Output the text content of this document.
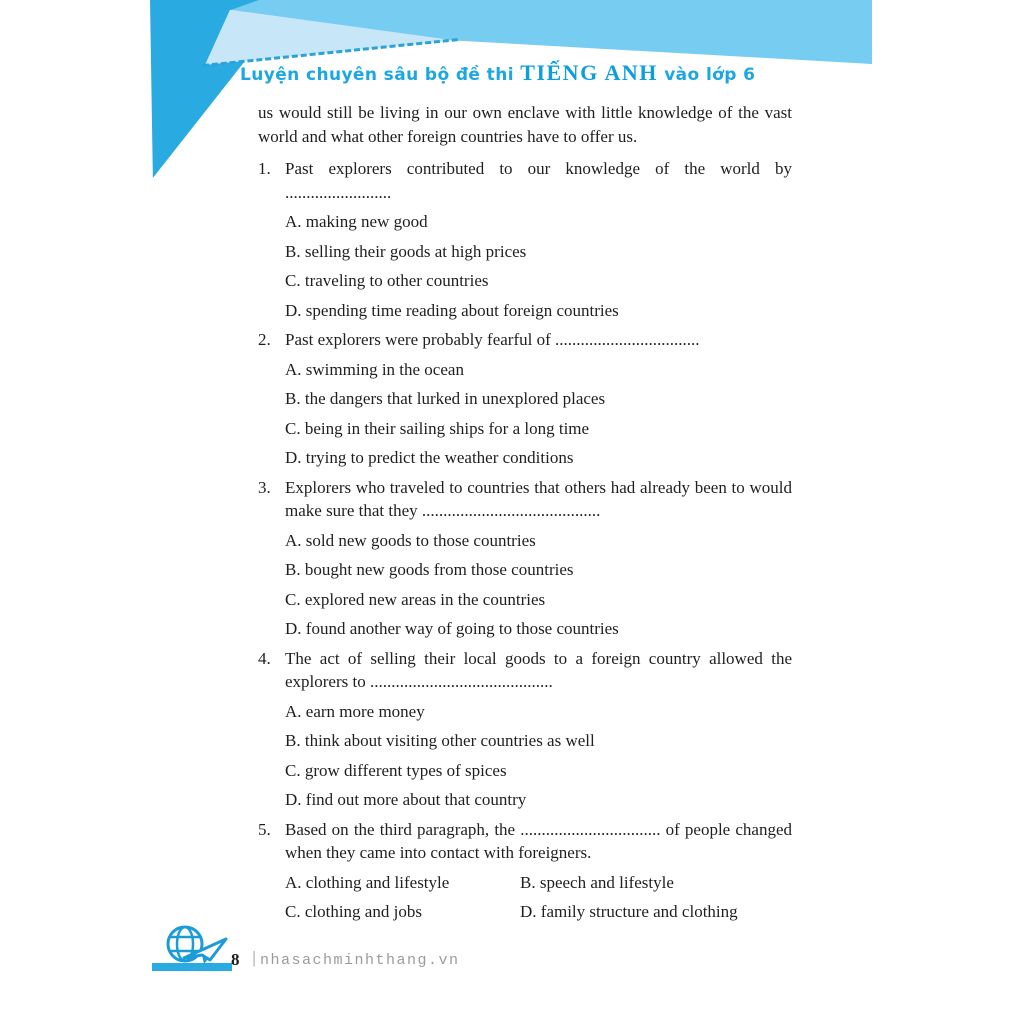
Luyện chuyên sâu bộ đề thi TIẾNG ANH vào lớp 6

us would still be living in our own enclave with little knowledge of the vast world and what other foreign countries have to offer us.

1. Past explorers contributed to our knowledge of the world by .........................
A. making new good
B. selling their goods at high prices
C. traveling to other countries
D. spending time reading about foreign countries
2. Past explorers were probably fearful of ..................................
A. swimming in the ocean
B. the dangers that lurked in unexplored places
C. being in their sailing ships for a long time
D. trying to predict the weather conditions
3. Explorers who traveled to countries that others had already been to would make sure that they ..........................................
A. sold new goods to those countries
B. bought new goods from those countries
C. explored new areas in the countries
D. found another way of going to those countries
4. The act of selling their local goods to a foreign country allowed the explorers to ...........................................
A. earn more money
B. think about visiting other countries as well
C. grow different types of spices
D. find out more about that country
5. Based on the third paragraph, the ................................. of people changed when they came into contact with foreigners.
A. clothing and lifestyle	B. speech and lifestyle
C. clothing and jobs	D. family structure and clothing
8 | nhasachminhthang.vn
